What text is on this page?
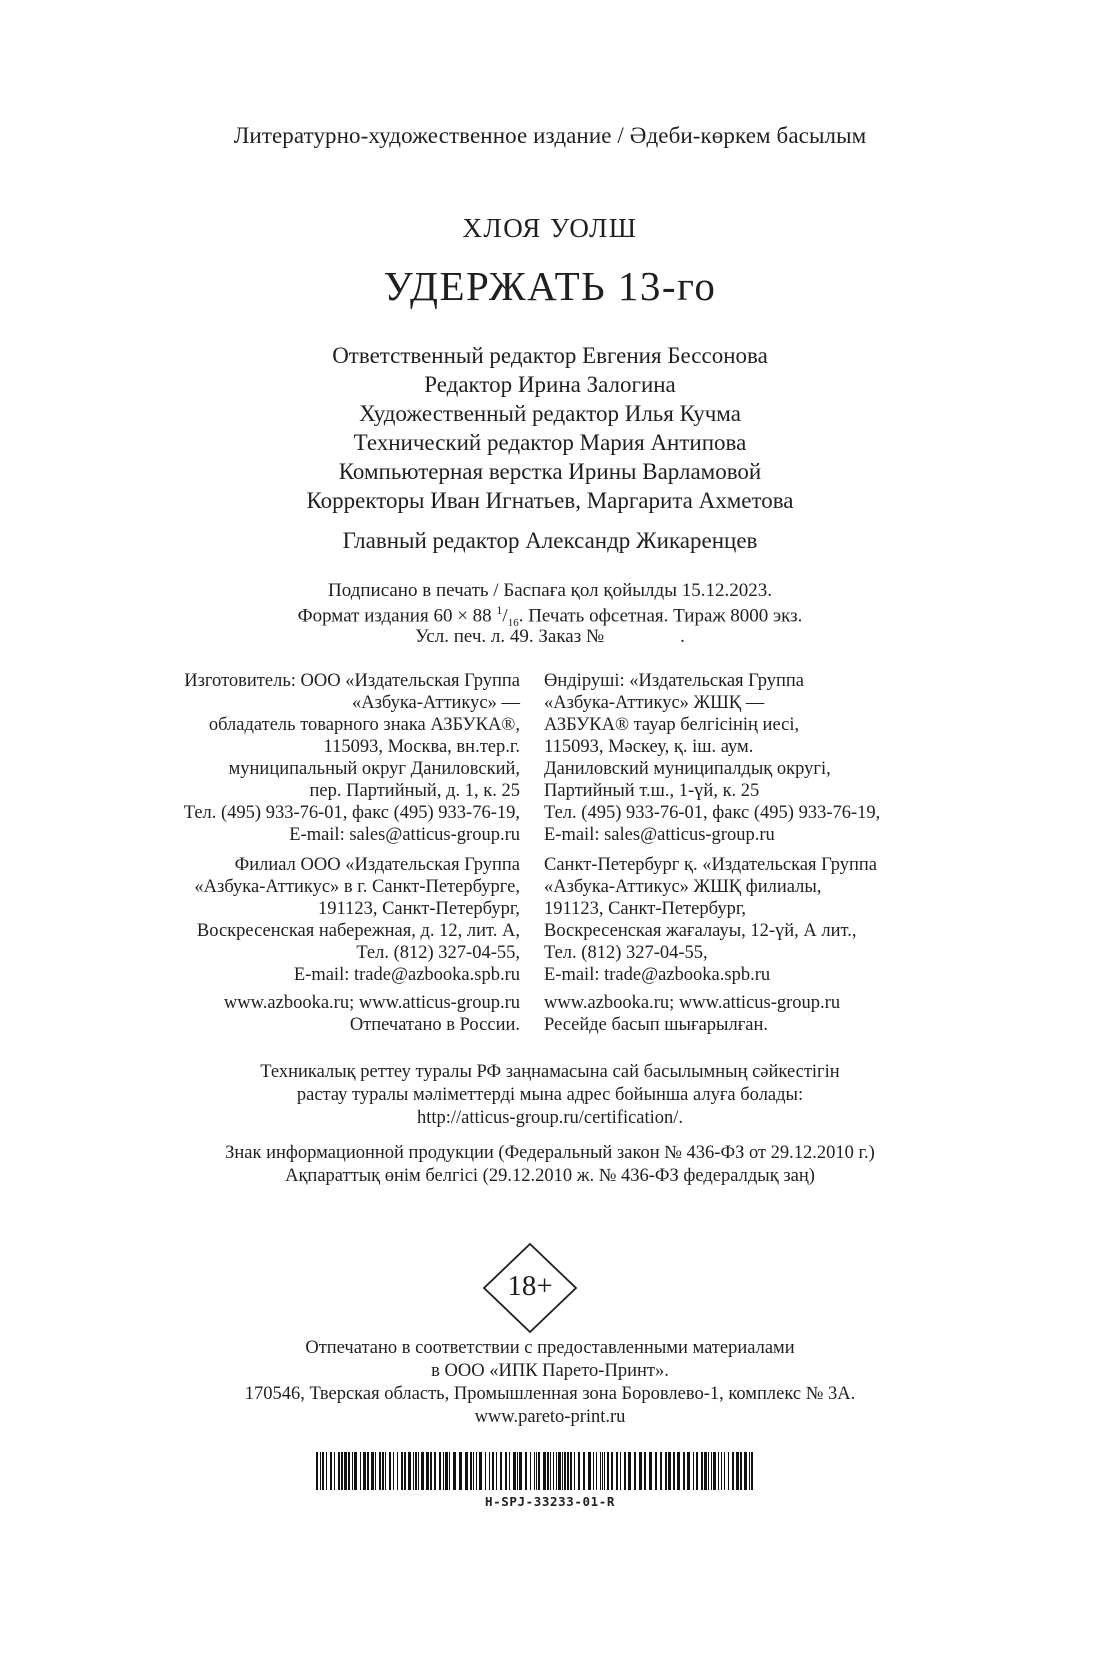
Литературно-художественное издание / Әдеби-көркем басылым
ХЛОЯ УОЛШ
УДЕРЖАТЬ 13-го
Ответственный редактор Евгения Бессонова
Редактор Ирина Залогина
Художественный редактор Илья Кучма
Технический редактор Мария Антипова
Компьютерная верстка Ирины Варламовой
Корректоры Иван Игнатьев, Маргарита Ахметова
Главный редактор Александр Жикаренцев
Подписано в печать / Баспаға қол қойылды 15.12.2023.
Формат издания 60 × 88 $^1/_{16}$. Печать офсетная. Тираж 8000 экз.
Усл. печ. л. 49. Заказ №                .
Изготовитель: ООО «Издательская Группа
«Азбука-Аттикус» —
обладатель товарного знака АЗБУКА®,
115093, Москва, вн.тер.г.
муниципальный округ Даниловский,
пер. Партийный, д. 1, к. 25
Тел. (495) 933-76-01, факс (495) 933-76-19,
E-mail: sales@atticus-group.ru
Өндіруші: «Издательская Группа
«Азбука-Аттикус» ЖШҚ —
АЗБУКА® тауар белгісінің иесі,
115093, Мәскеу, қ. іш. аум.
Даниловский муниципалдық округі,
Партийный т.ш., 1-үй, к. 25
Тел. (495) 933-76-01, факс (495) 933-76-19,
E-mail: sales@atticus-group.ru
Филиал ООО «Издательская Группа
«Азбука-Аттикус» в г. Санкт-Петербурге,
191123, Санкт-Петербург,
Воскресенская набережная, д. 12, лит. А,
Тел. (812) 327-04-55,
E-mail: trade@azbooka.spb.ru
Санкт-Петербург қ. «Издательская Группа
«Азбука-Аттикус» ЖШҚ филиалы,
191123, Санкт-Петербург,
Воскресенская жағалауы, 12-үй, А лит.,
Тел. (812) 327-04-55,
E-mail: trade@azbooka.spb.ru
www.azbooka.ru; www.atticus-group.ru
Отпечатано в России.
www.azbooka.ru; www.atticus-group.ru
Ресейде басып шығарылған.
Техникалық реттеу туралы РФ заңнамасына сай басылымның сәйкестігін
растау туралы мәліметтерді мына адрес бойынша алуға болады:
http://atticus-group.ru/certification/.
Знак информационной продукции (Федеральный закон № 436-ФЗ от 29.12.2010 г.)
Ақпараттық өнім белгісі (29.12.2010 ж. № 436-ФЗ федералдық заң)
18+
Отпечатано в соответствии с предоставленными материалами
в ООО «ИПК Парето-Принт».
170546, Тверская область, Промышленная зона Боровлево-1, комплекс № 3А.
www.pareto-print.ru
H-SPJ-33233-01-R
